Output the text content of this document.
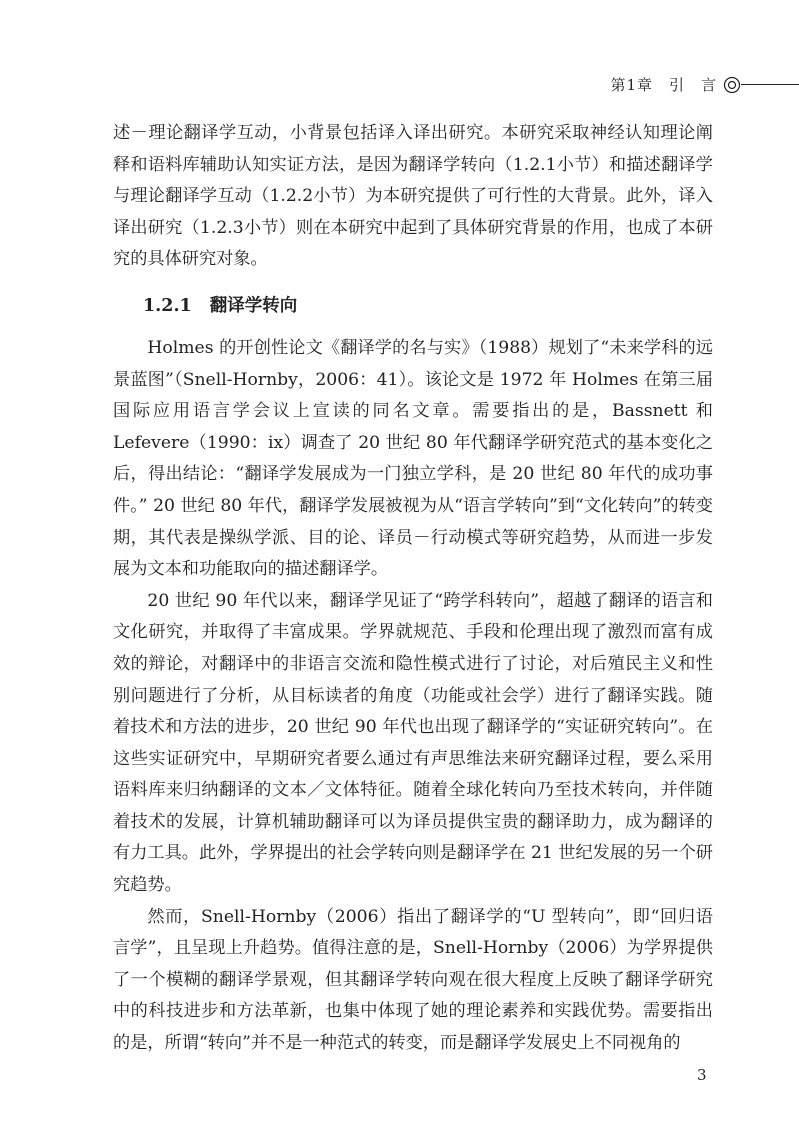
第1章　引　言

述－理论翻译学互动，小背景包括译入译出研究。本研究采取神经认知理论阐释和语料库辅助认知实证方法，是因为翻译学转向（1.2.1小节）和描述翻译学与理论翻译学互动（1.2.2小节）为本研究提供了可行性的大背景。此外，译入译出研究（1.2.3小节）则在本研究中起到了具体研究背景的作用，也成了本研究的具体研究对象。

1.2.1 翻译学转向

Holmes 的开创性论文《翻译学的名与实》（1988）规划了“未来学科的远景蓝图”（Snell-Hornby，2006：41）。该论文是 1972 年 Holmes 在第三届国际应用语言学会议上宣读的同名文章。需要指出的是，Bassnett 和 Lefevere（1990：ix）调查了 20 世纪 80 年代翻译学研究范式的基本变化之后，得出结论：“翻译学发展成为一门独立学科，是 20 世纪 80 年代的成功事件。” 20 世纪 80 年代，翻译学发展被视为从“语言学转向”到“文化转向”的转变期，其代表是操纵学派、目的论、译员－行动模式等研究趋势，从而进一步发展为文本和功能取向的描述翻译学。

20 世纪 90 年代以来，翻译学见证了“跨学科转向”，超越了翻译的语言和文化研究，并取得了丰富成果。学界就规范、手段和伦理出现了激烈而富有成效的辩论，对翻译中的非语言交流和隐性模式进行了讨论，对后殖民主义和性别问题进行了分析，从目标读者的角度（功能或社会学）进行了翻译实践。随着技术和方法的进步，20 世纪 90 年代也出现了翻译学的“实证研究转向”。在这些实证研究中，早期研究者要么通过有声思维法来研究翻译过程，要么采用语料库来归纳翻译的文本／文体特征。随着全球化转向乃至技术转向，并伴随着技术的发展，计算机辅助翻译可以为译员提供宝贵的翻译助力，成为翻译的有力工具。此外，学界提出的社会学转向则是翻译学在 21 世纪发展的另一个研究趋势。

然而，Snell-Hornby（2006）指出了翻译学的“U 型转向”，即“回归语言学”，且呈现上升趋势。值得注意的是，Snell-Hornby（2006）为学界提供了一个模糊的翻译学景观，但其翻译学转向观在很大程度上反映了翻译学研究中的科技进步和方法革新，也集中体现了她的理论素养和实践优势。需要指出的是，所谓“转向”并不是一种范式的转变，而是翻译学发展史上不同视角的

3
